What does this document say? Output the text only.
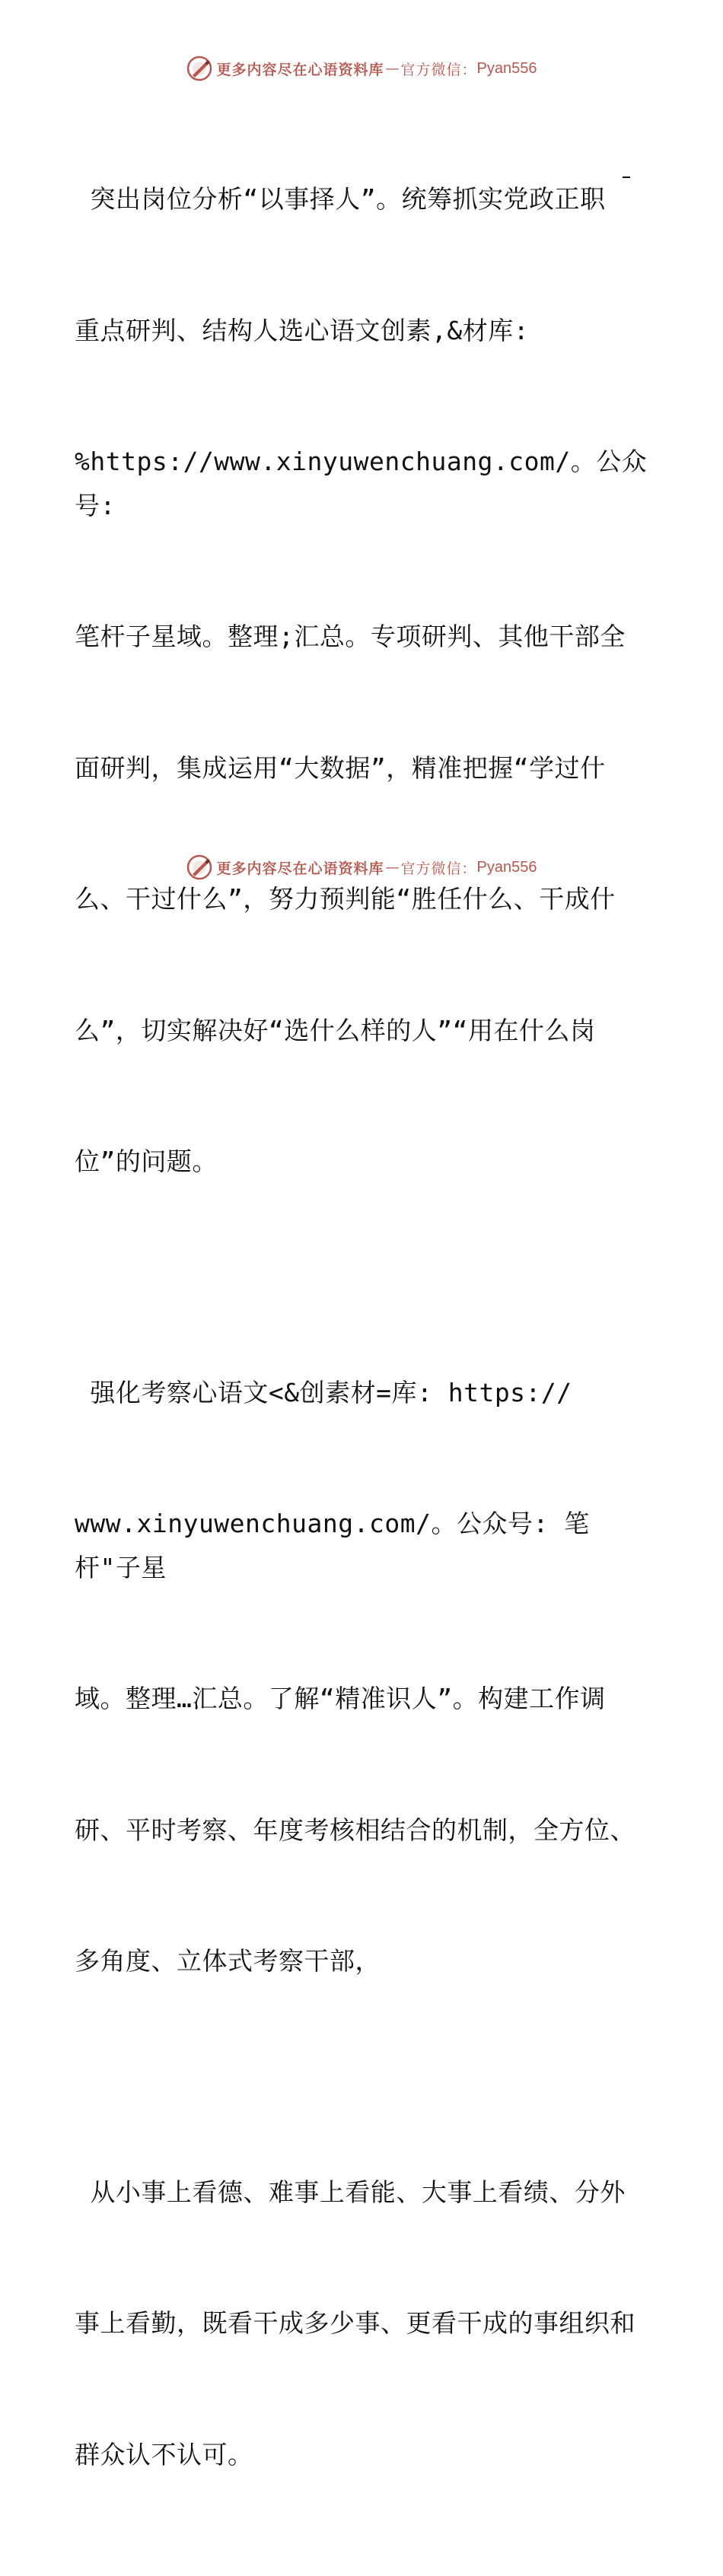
更多内容尽在心语资料库 — 官方微信： Pyan556

突出岗位分析“以事择人”。统筹抓实党政正职

重点研判、结构人选心语文创素,&材库:

%https://www.xinyuwenchuang.com/。公众号:

笔杆子星域。整理;汇总。专项研判、其他干部全

面研判，集成运用“大数据”，精准把握“学过什

么、干过什么”，努力预判能“胜任什么、干成什

么”，切实解决好“选什么样的人”“用在什么岗

位”的问题。

强化考察心语文<&创素材=库: https://

www.xinyuwenchuang.com/。公众号: 笔杆"子星

域。整理…汇总。了解“精准识人”。构建工作调

研、平时考察、年度考核相结合的机制，全方位、

多角度、立体式考察干部，

从小事上看德、难事上看能、大事上看绩、分外

事上看勤，既看干成多少事、更看干成的事组织和

群众认不认可。

更多内容尽在心语资料库 — 官方微信： Pyan556
